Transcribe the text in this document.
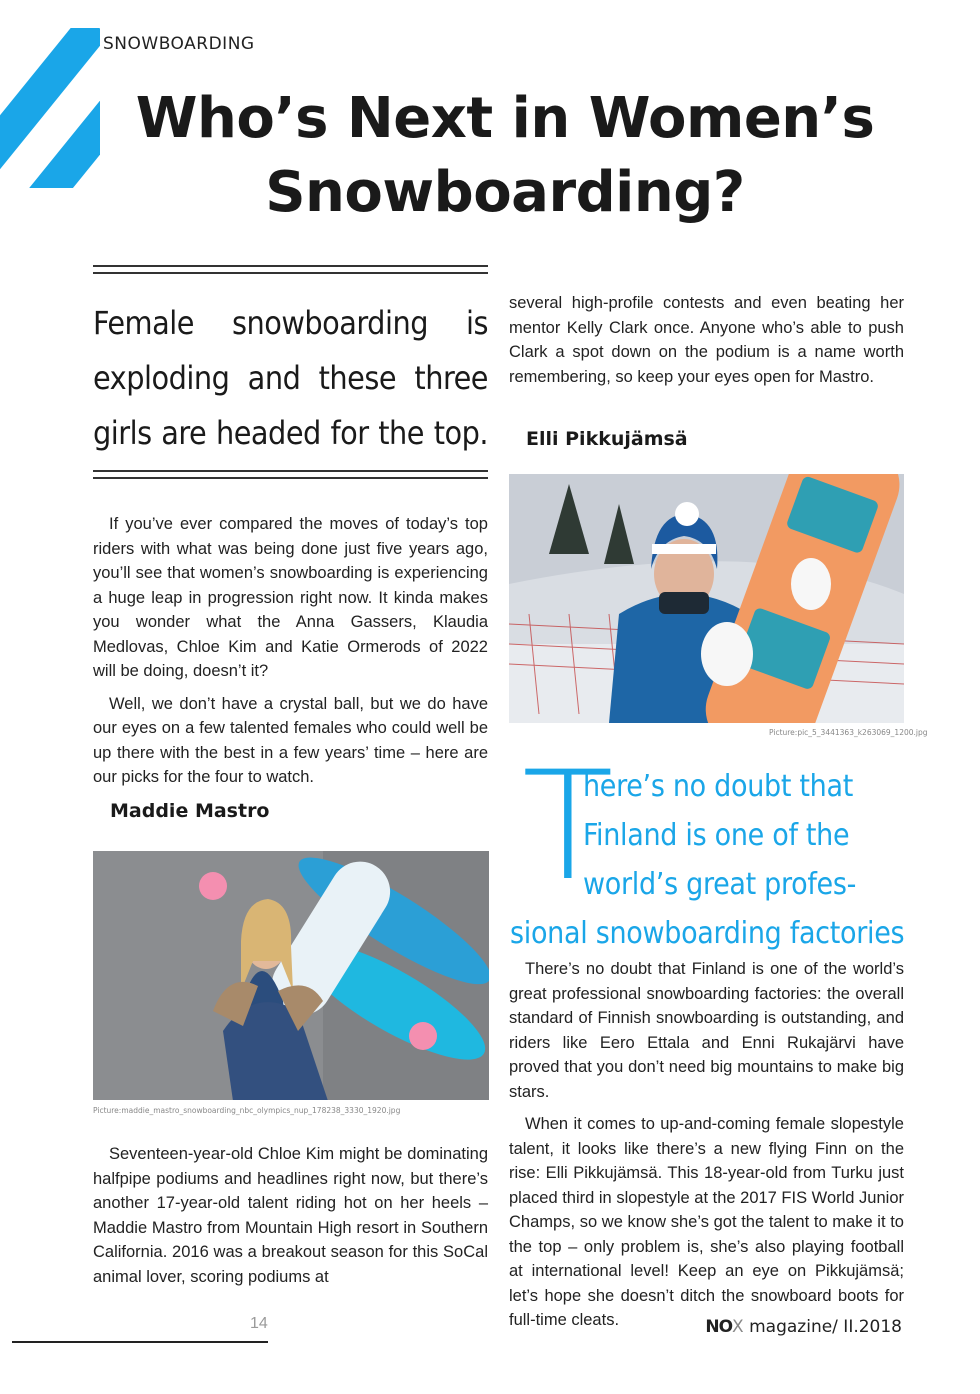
SNOWBOARDING
Who’s Next in Women’s
Snowboarding?
Female snowboarding is exploding and these three girls are headed for the top.

If you’ve ever compared the moves of today’s top riders with what was being done just five years ago, you’ll see that women’s snowboarding is experiencing a huge leap in progression right now. It kinda makes you wonder what the Anna Gassers, Klaudia Medlovas, Chloe Kim and Katie Ormerods of 2022 will be doing, doesn’t it?

Well, we don’t have a crystal ball, but we do have our eyes on a few talented females who could well be up there with the best in a few years’ time – here are our picks for the four to watch.

Maddie Mastro
Picture:maddie_mastro_snowboarding_nbc_olympics_nup_178238_3330_1920.jpg

Seventeen-year-old Chloe Kim might be dominating halfpipe podiums and headlines right now, but there’s another 17-year-old talent riding hot on her heels – Maddie Mastro from Mountain High resort in Southern California. 2016 was a breakout season for this SoCal animal lover, scoring podiums at

several high-profile contests and even beating her mentor Kelly Clark once. Anyone who’s able to push Clark a spot down on the podium is a name worth remembering, so keep your eyes open for Mastro.

Elli Pikkujämsä
Picture:pic_5_3441363_k263069_1200.jpg
T
here’s no doubt that
Finland is one of the
world’s great profes-
sional snowboarding factories

There’s no doubt that Finland is one of the world’s great professional snowboarding factories: the overall standard of Finnish snowboarding is outstanding, and riders like Eero Ettala and Enni Rukajärvi have proved that you don’t need big mountains to make big stars.

When it comes to up-and-coming female slopestyle talent, it looks like there’s a new flying Finn on the rise: Elli Pikkujämsä. This 18-year-old from Turku just placed third in slopestyle at the 2017 FIS World Junior Champs, so we know she’s got the talent to make it to the top – only problem is, she’s also playing football at international level! Keep an eye on Pikkujämsä; let’s hope she doesn’t ditch the snowboard boots for full-time cleats.

14	NOX magazine/ II.2018
